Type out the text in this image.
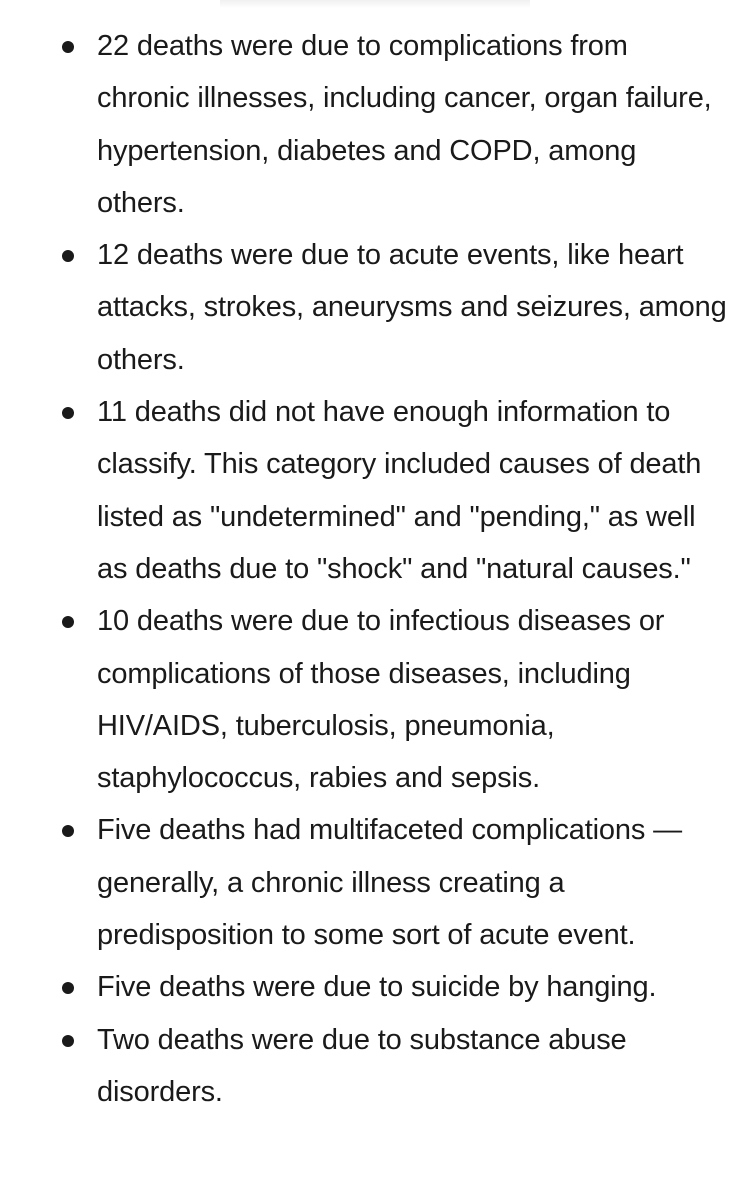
22 deaths were due to complications from chronic illnesses, including cancer, organ failure, hypertension, diabetes and COPD, among others.
12 deaths were due to acute events, like heart attacks, strokes, aneurysms and seizures, among others.
11 deaths did not have enough information to classify. This category included causes of death listed as "undetermined" and "pending," as well as deaths due to "shock" and "natural causes."
10 deaths were due to infectious diseases or complications of those diseases, including HIV/AIDS, tuberculosis, pneumonia, staphylococcus, rabies and sepsis.
Five deaths had multifaceted complications — generally, a chronic illness creating a predisposition to some sort of acute event.
Five deaths were due to suicide by hanging.
Two deaths were due to substance abuse disorders.
